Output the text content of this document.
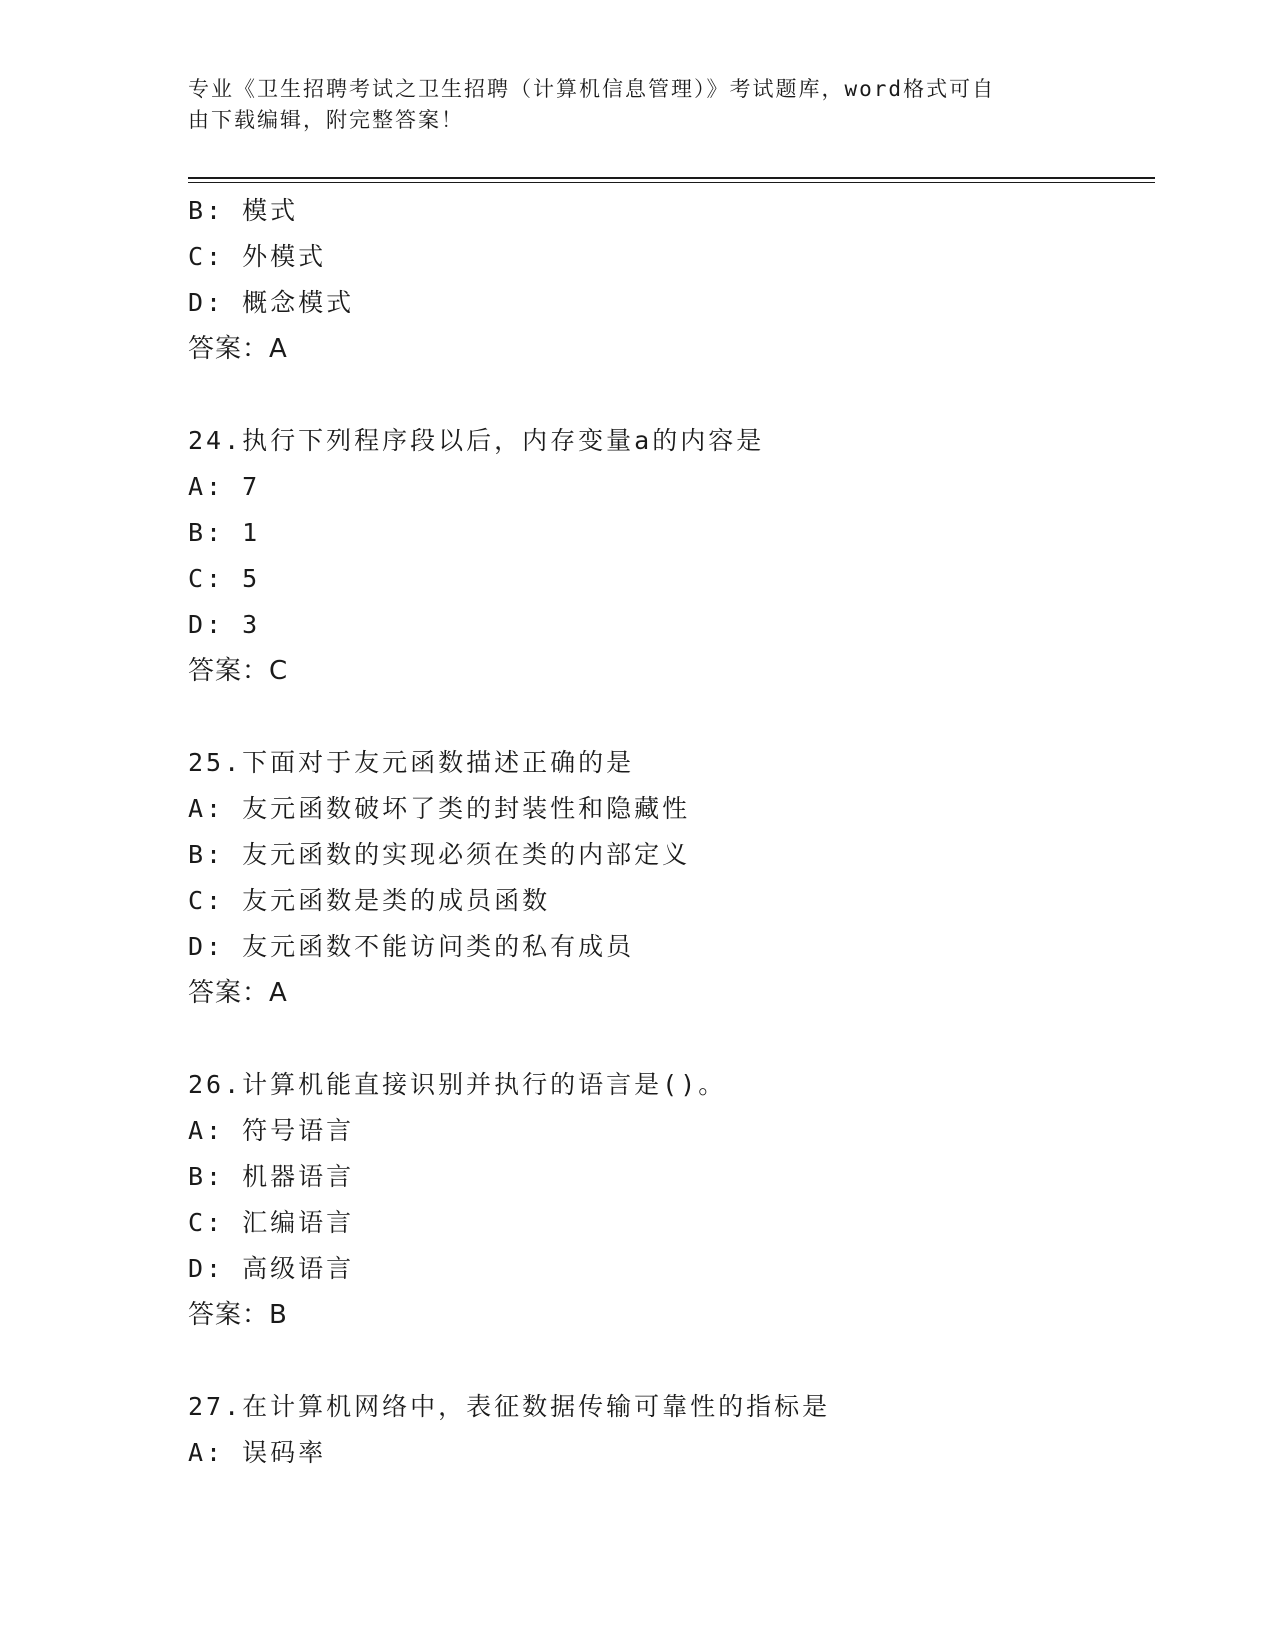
专业《卫生招聘考试之卫生招聘（计算机信息管理）》考试题库，word格式可自
由下载编辑，附完整答案！
B: 模式
C: 外模式
D: 概念模式
答案：A
24.执行下列程序段以后，内存变量a的内容是
A: 7
B: 1
C: 5
D: 3
答案：C
25.下面对于友元函数描述正确的是
A: 友元函数破坏了类的封装性和隐藏性
B: 友元函数的实现必须在类的内部定义
C: 友元函数是类的成员函数
D: 友元函数不能访问类的私有成员
答案：A
26.计算机能直接识别并执行的语言是()。
A: 符号语言
B: 机器语言
C: 汇编语言
D: 高级语言
答案：B
27.在计算机网络中，表征数据传输可靠性的指标是
A: 误码率
